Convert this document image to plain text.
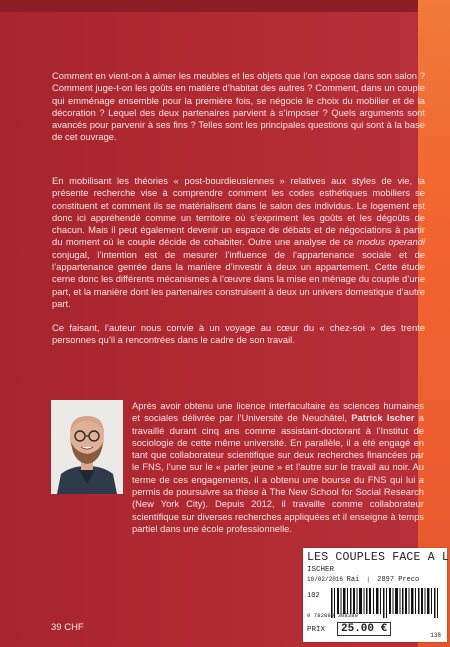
Comment en vient-on à aimer les meubles et les objets que l’on expose dans son salon ? Comment juge-t-on les goûts en matière d’habitat des autres ? Comment, dans un couple qui emménage ensemble pour la première fois, se négocie le choix du mobilier et de la décoration ? Lequel des deux partenaires parvient à s’imposer ? Quels arguments sont avancés pour parvenir à ses fins ? Telles sont les principales questions qui sont à la base de cet ouvrage.

En mobilisant les théories « post-bourdieusiennes » relatives aux styles de vie, la présente recherche vise à comprendre comment les codes esthétiques mobiliers se constituent et comment ils se matérialisent dans le salon des individus. Le logement est donc ici appréhendé comme un territoire où s’expriment les goûts et les dégoûts de chacun. Mais il peut également devenir un espace de débats et de négociations à partir du moment où le couple décide de cohabiter. Outre une analyse de ce modus operandi conjugal, l’intention est de mesurer l’influence de l’appartenance sociale et de l’appartenance genrée dans la manière d’investir à deux un appartement. Cette étude cerne donc les différents mécanismes à l’œuvre dans la mise en ménage du couple d’une part, et la manière dont les partenaires construisent à deux un univers domestique d’autre part.

Ce faisant, l’auteur nous convie à un voyage au cœur du « chez-soi » des trente personnes qu’il a rencontrées dans le cadre de son travail.

Après avoir obtenu une licence interfacultaire ès sciences humaines et sociales délivrée par l’Université de Neuchâtel, Patrick Ischer a travaillé durant cinq ans comme assistant-doctorant à l’Institut de sociologie de cette même université. En parallèle, il a été engagé en tant que collaborateur scientifique sur deux recherches financées par le FNS, l’une sur le « parler jeune » et l’autre sur le travail au noir. Au terme de ces engagements, il a obtenu une bourse du FNS qui lui a permis de poursuivre sa thèse à The New School for Social Research (New York City). Depuis 2012, il travaille comme collaborateur scientifique sur diverses recherches appliquées et il enseigne à temps partiel dans une école professionnelle.
39 CHF
LES COUPLES FACE A L
ISCHER
10/02/2016 Rai  |  2897 Preco
102
9 782889 308389
PRIX	25.00 €
138
